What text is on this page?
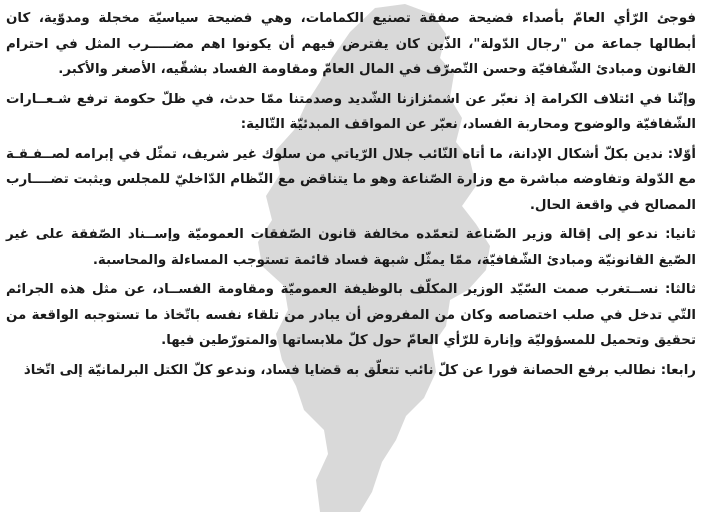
فوجئ الرّأي العامّ بأصداء فضيحة صفقة تصنيع الكمامات، وهي فضيحة سياسيّة مخجلة ومدوّية، كان أبطالها جماعة من "رجال الدّولة"، الذّين كان يفترض فيهم أن يكونوا اهم مضـــــرب المثل في احترام القانون ومبادئ الشّفافيّة وحسن التّصرّف في المال العامّ ومقاومة الفساد بشقّيه، الأصغر والأكبر.

وإنّنا في ائتلاف الكرامة إذ نعبّر عن اشمئزازنا الشّديد وصدمتنا ممّا حدث، في ظلّ حكومة ترفع شـعــارات الشّفافيّة والوضوح ومحاربة الفساد، نعبّر عن المواقف المبدئيّة التّالية:

أوّلا: ندين بكلّ أشكال الإدانة، ما أتاه النّائب جلال الرّياتي من سلوك غير شريف، تمثّل في إبرامه لصــفـقـة مع الدّولة وتفاوضه مباشرة مع وزارة الصّناعة وهو ما يتناقض مع النّظام الدّاخليّ للمجلس ويثبت تضــــارب المصالح في واقعة الحال.

ثانيا: ندعو إلى إقالة وزير الصّناعة لتعمّده مخالفة قانون الصّفقات العموميّة وإســناد الصّفقة على غير الصّيغ القانونيّة ومبادئ الشّفافيّة، ممّا يمثّل شبهة فساد قائمة تستوجب المساءلة والمحاسبة.

ثالثا: نســتغرب صمت السّيّد الوزير المكلّف بالوظيفة العموميّة ومقاومة الفســاد، عن مثل هذه الجرائم التّي تدخل في صلب اختصاصه وكان من المفروض أن يبادر من تلقاء نفسه باتّخاذ ما تستوجبه الواقعة من تحقيق وتحميل للمسؤوليّة وإنارة للرّأي العامّ حول كلّ ملابساتها والمتورّطين فيها.

رابعا: نطالب برفع الحصانة فورا عن كلّ نائب تتعلّق به قضايا فساد، وندعو كلّ الكتل البرلمانيّة إلى اتّخاذ
